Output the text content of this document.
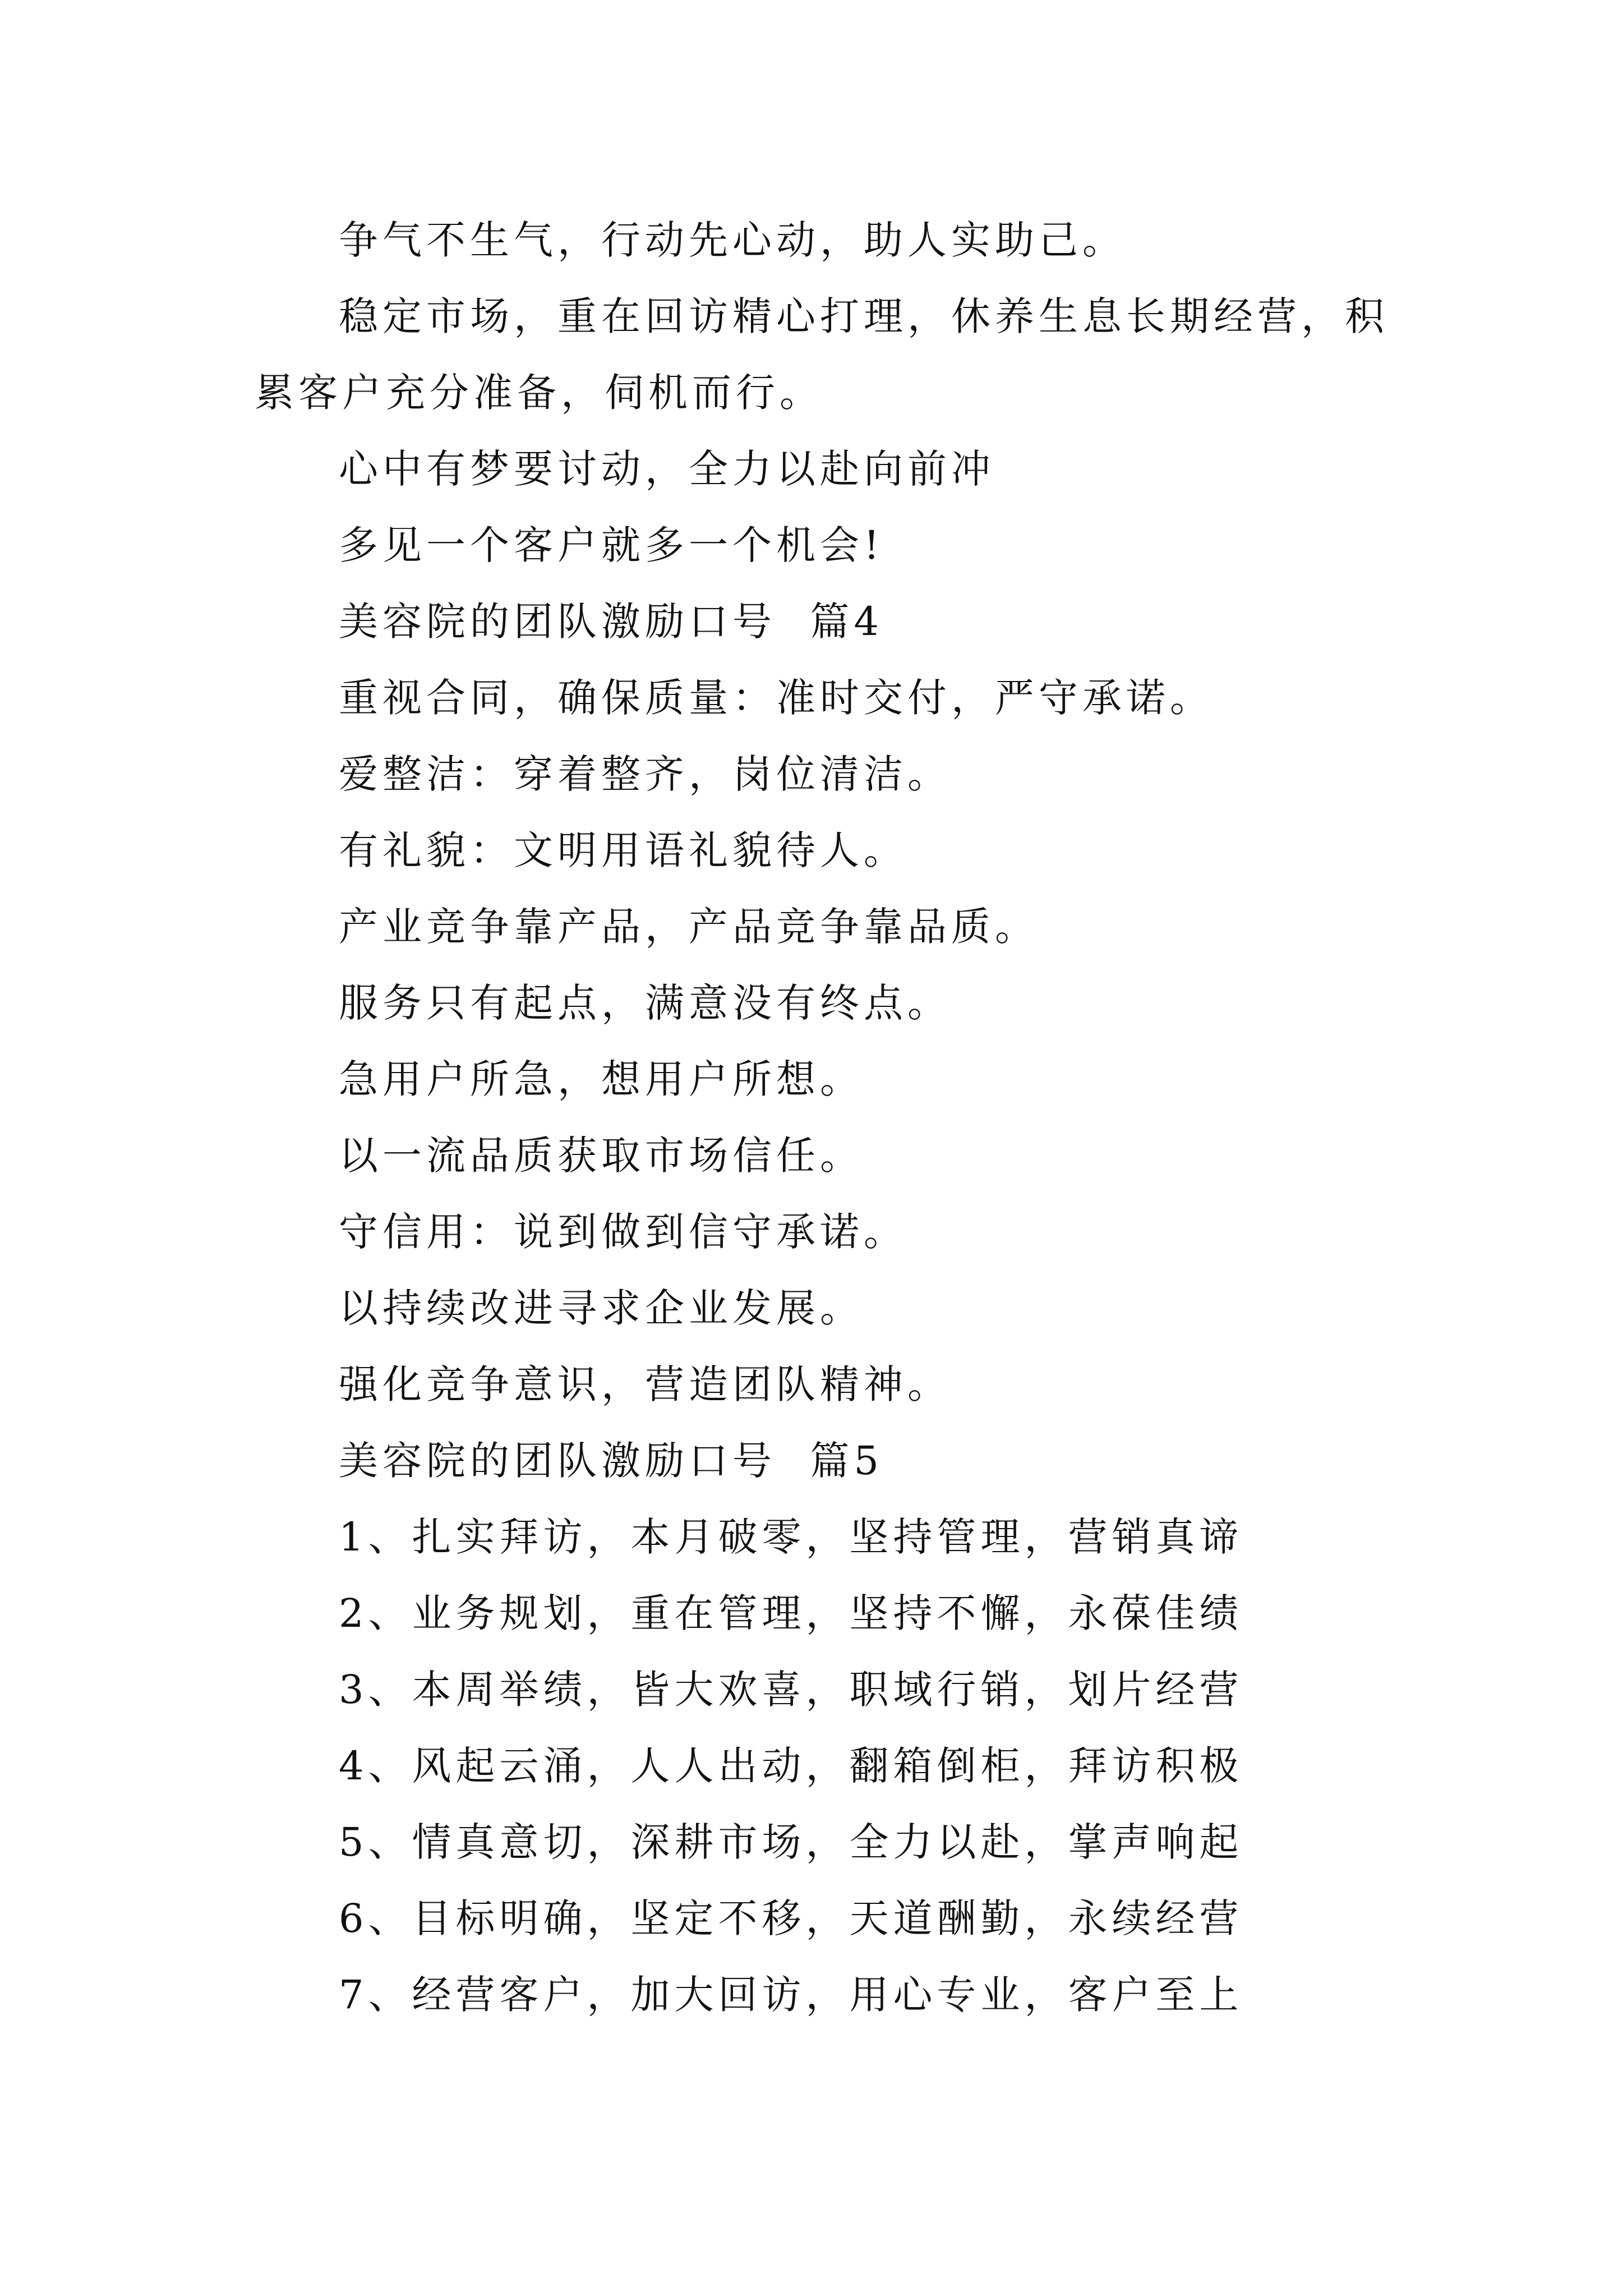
争气不生气，行动先心动，助人实助己。

稳定市场，重在回访精心打理，休养生息长期经营，积累客户充分准备，伺机而行。

心中有梦要讨动，全力以赴向前冲

多见一个客户就多一个机会!

美容院的团队激励口号  篇4

重视合同，确保质量：准时交付，严守承诺。

爱整洁：穿着整齐，岗位清洁。

有礼貌：文明用语礼貌待人。

产业竞争靠产品，产品竞争靠品质。

服务只有起点，满意没有终点。

急用户所急，想用户所想。

以一流品质获取市场信任。

守信用：说到做到信守承诺。

以持续改进寻求企业发展。

强化竞争意识，营造团队精神。

美容院的团队激励口号  篇5

1、扎实拜访，本月破零，坚持管理，营销真谛

2、业务规划，重在管理，坚持不懈，永葆佳绩

3、本周举绩，皆大欢喜，职域行销，划片经营

4、风起云涌，人人出动，翻箱倒柜，拜访积极

5、情真意切，深耕市场，全力以赴，掌声响起

6、目标明确，坚定不移，天道酬勤，永续经营

7、经营客户，加大回访，用心专业，客户至上
